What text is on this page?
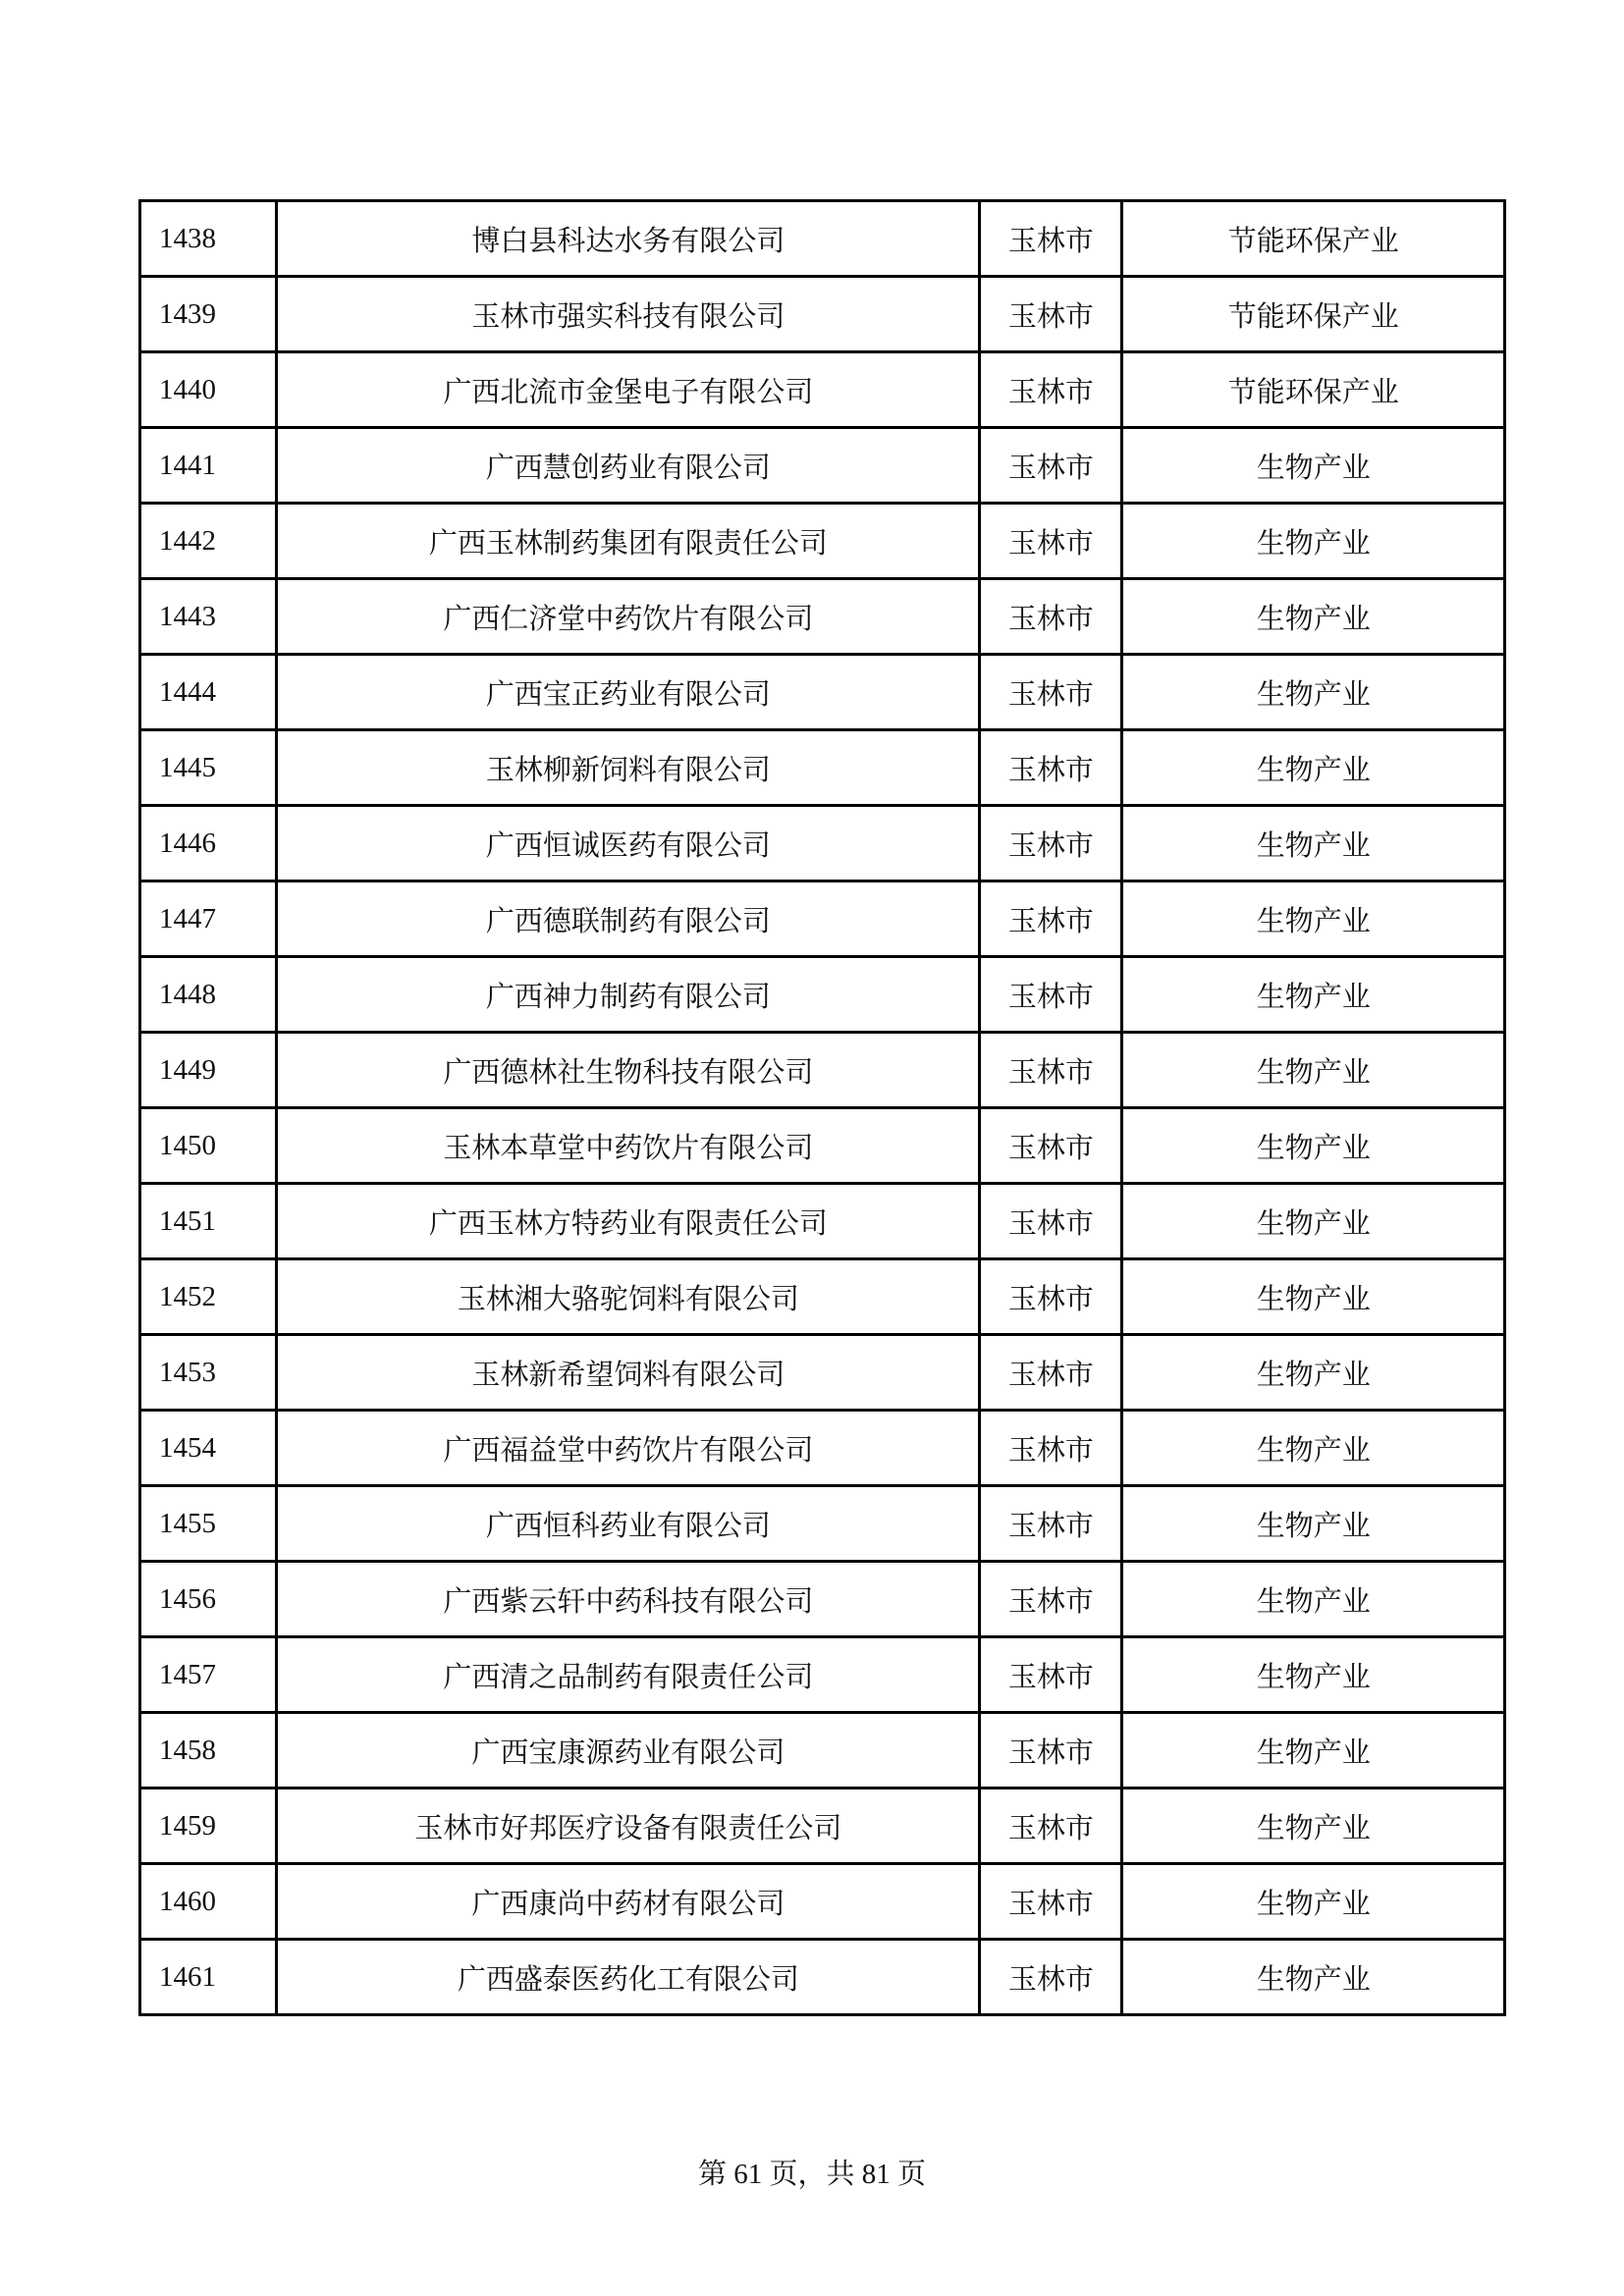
1438	博白县科达水务有限公司	玉林市	节能环保产业
1439	玉林市强实科技有限公司	玉林市	节能环保产业
1440	广西北流市金堡电子有限公司	玉林市	节能环保产业
1441	广西慧创药业有限公司	玉林市	生物产业
1442	广西玉林制药集团有限责任公司	玉林市	生物产业
1443	广西仁济堂中药饮片有限公司	玉林市	生物产业
1444	广西宝正药业有限公司	玉林市	生物产业
1445	玉林柳新饲料有限公司	玉林市	生物产业
1446	广西恒诚医药有限公司	玉林市	生物产业
1447	广西德联制药有限公司	玉林市	生物产业
1448	广西神力制药有限公司	玉林市	生物产业
1449	广西德林社生物科技有限公司	玉林市	生物产业
1450	玉林本草堂中药饮片有限公司	玉林市	生物产业
1451	广西玉林方特药业有限责任公司	玉林市	生物产业
1452	玉林湘大骆驼饲料有限公司	玉林市	生物产业
1453	玉林新希望饲料有限公司	玉林市	生物产业
1454	广西福益堂中药饮片有限公司	玉林市	生物产业
1455	广西恒科药业有限公司	玉林市	生物产业
1456	广西紫云轩中药科技有限公司	玉林市	生物产业
1457	广西清之品制药有限责任公司	玉林市	生物产业
1458	广西宝康源药业有限公司	玉林市	生物产业
1459	玉林市好邦医疗设备有限责任公司	玉林市	生物产业
1460	广西康尚中药材有限公司	玉林市	生物产业
1461	广西盛泰医药化工有限公司	玉林市	生物产业
第 61 页，共 81 页
